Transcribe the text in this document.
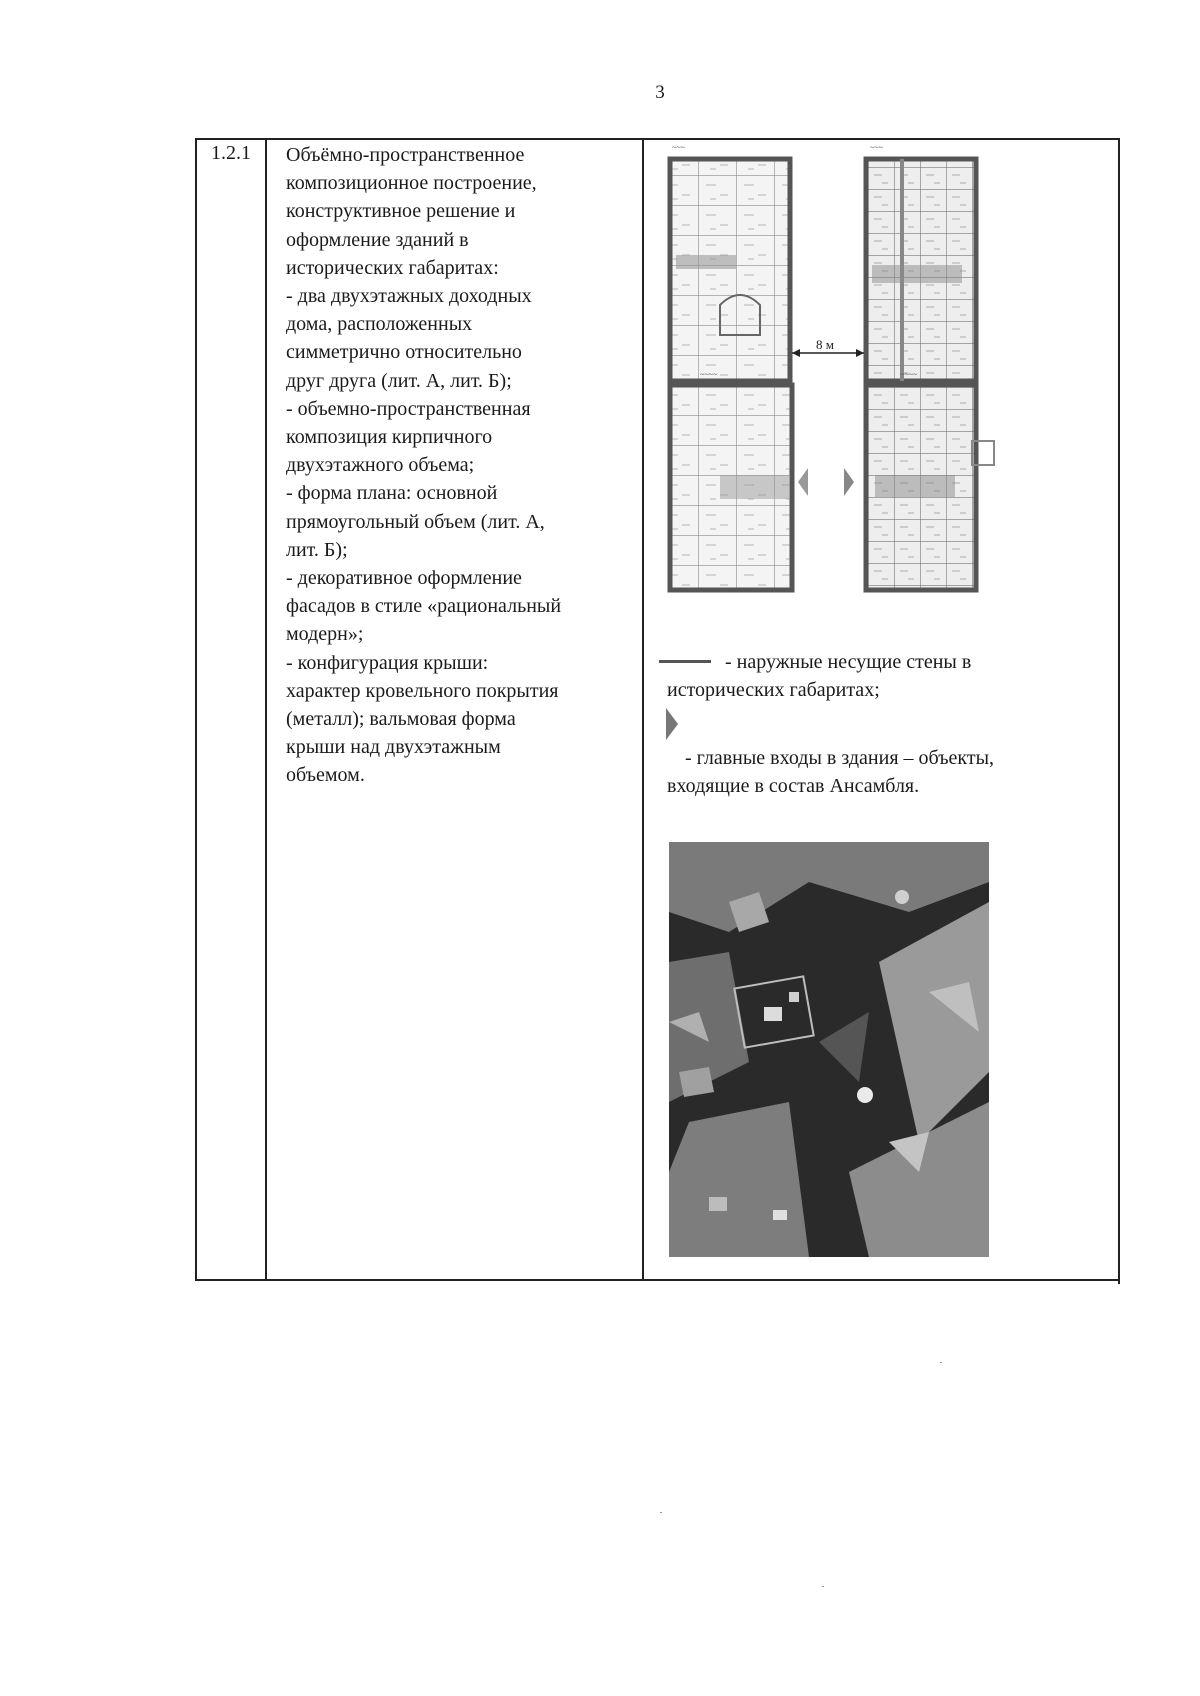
3
1.2.1	Объёмно-пространственное

композиционное построение,

конструктивное решение и

оформление зданий в

исторических габаритах:

- два двухэтажных доходных

дома, расположенных

симметрично относительно

друг друга (лит. А, лит. Б);

- объемно-пространственная

композиция кирпичного

двухэтажного объема;

- форма плана: основной

прямоугольный объем (лит. А,

лит. Б);

- декоративное оформление

фасадов в стиле «рациональный

модерн»;

- конфигурация крыши:

характер кровельного покрытия

(металл); вальмовая форма

крыши над двухэтажным

объемом.

~~~	~~~
8 м
~~~~	~~~~
- наружные несущие стены в
исторических габаритах;
- главные входы в здания – объекты,
входящие в состав Ансамбля.
